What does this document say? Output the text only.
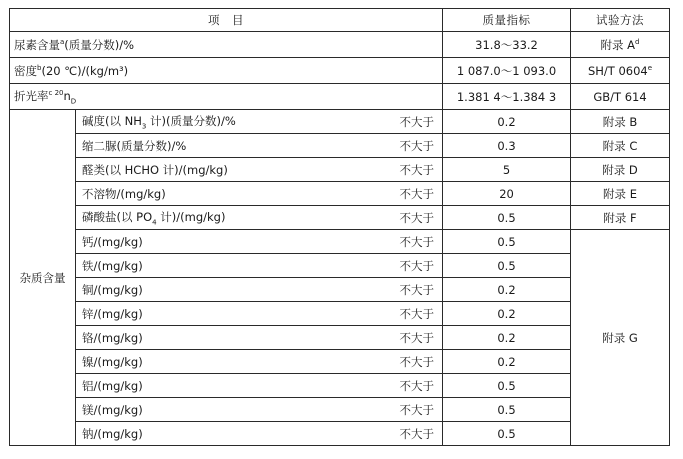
项　目			质量指标	试验方法
尿素含量$^a$(质量分数)/%			31.8～33.2	附录 $A^d$
密度$^b$(20 ℃)/(kg/m³)			1 087.0～1 093.0	SH/T 0604e
折光率$^{c 20}n_D$			1.381 4～1.384 3	GB/T 614
杂质含量	碱度(以 $NH_3$ 计)(质量分数)/%	不大于	0.2	附录 B
	缩二脲(质量分数)/%	不大于	0.3	附录 C
	醛类(以 HCHO 计)/(mg/kg)	不大于	5	附录 D
	不溶物/(mg/kg)	不大于	20	附录 E
	磷酸盐(以 $PO_4$ 计)/(mg/kg)	不大于	0.5	附录 F
	钙/(mg/kg)	不大于	0.5	附录 G
	铁/(mg/kg)	不大于	0.5	
	铜/(mg/kg)	不大于	0.2	
	锌/(mg/kg)	不大于	0.2	
	铬/(mg/kg)	不大于	0.2	
	镍/(mg/kg)	不大于	0.2	
	铝/(mg/kg)	不大于	0.5	
	镁/(mg/kg)	不大于	0.5	
	钠/(mg/kg)	不大于	0.5	
